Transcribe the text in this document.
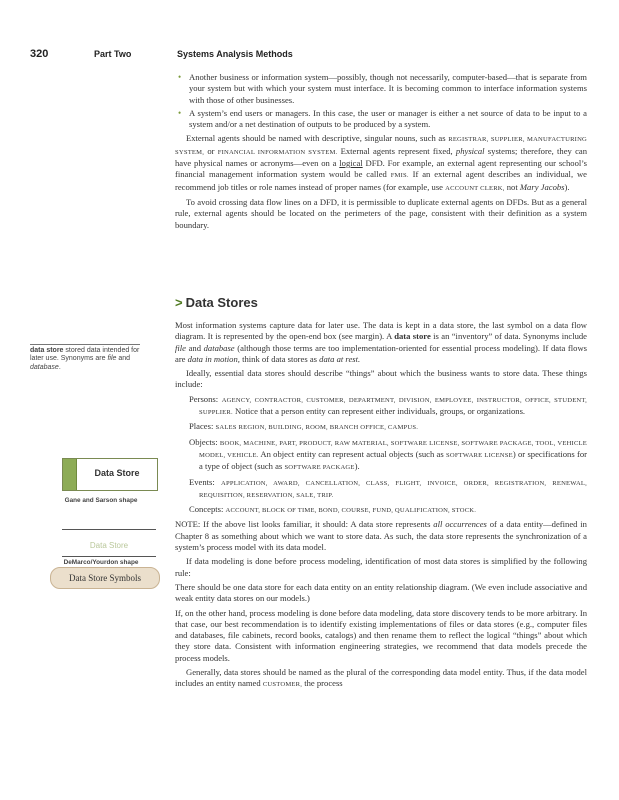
320	Part Two	Systems Analysis Methods
• Another business or information system—possibly, though not necessarily, computer-based—that is separate from your system but with which your system must interface. It is becoming common to interface information systems with those of other businesses.
• A system’s end users or managers. In this case, the user or manager is either a net source of data to be input to a system and/or a net destination of outputs to be produced by a system.

External agents should be named with descriptive, singular nouns, such as REGISTRAR, SUPPLIER, MANUFACTURING SYSTEM, or FINANCIAL INFORMATION SYSTEM. External agents represent fixed, physical systems; therefore, they can have physical names or acronyms—even on a logical DFD. For example, an external agent representing our school’s financial management information system would be called FMIS. If an external agent describes an individual, we recommend job titles or role names instead of proper names (for example, use ACCOUNT CLERK, not Mary Jacobs).

To avoid crossing data flow lines on a DFD, it is permissible to duplicate external agents on DFDs. But as a general rule, external agents should be located on the perimeters of the page, consistent with their definition as a system boundary.

> Data Stores

Most information systems capture data for later use. The data is kept in a data store, the last symbol on a data flow diagram. It is represented by the open-end box (see margin). A data store is an “inventory” of data. Synonyms include file and database (although those terms are too implementation-oriented for essential process modeling). If data flows are data in motion, think of data stores as data at rest.

Ideally, essential data stores should describe “things” about which the business wants to store data. These things include:

Persons: AGENCY, CONTRACTOR, CUSTOMER, DEPARTMENT, DIVISION, EMPLOYEE, INSTRUCTOR, OFFICE, STUDENT, SUPPLIER. Notice that a person entity can represent either individuals, groups, or organizations.
Places: SALES REGION, BUILDING, ROOM, BRANCH OFFICE, CAMPUS.
Objects: BOOK, MACHINE, PART, PRODUCT, RAW MATERIAL, SOFTWARE LICENSE, SOFTWARE PACKAGE, TOOL, VEHICLE MODEL, VEHICLE. An object entity can represent actual objects (such as SOFTWARE LICENSE) or specifications for a type of object (such as SOFTWARE PACKAGE).
Events: APPLICATION, AWARD, CANCELLATION, CLASS, FLIGHT, INVOICE, ORDER, REGISTRATION, RENEWAL, REQUISITION, RESERVATION, SALE, TRIP.
Concepts: ACCOUNT, BLOCK OF TIME, BOND, COURSE, FUND, QUALIFICATION, STOCK.

NOTE: If the above list looks familiar, it should: A data store represents all occurrences of a data entity—defined in Chapter 8 as something about which we want to store data. As such, the data store represents the synchronization of a system’s process model with its data model.

If data modeling is done before process modeling, identification of most data stores is simplified by the following rule:

There should be one data store for each data entity on an entity relationship diagram. (We even include associative and weak entity data stores on our models.)

If, on the other hand, process modeling is done before data modeling, data store discovery tends to be more arbitrary. In that case, our best recommendation is to identify existing implementations of files or data stores (e.g., computer files and databases, file cabinets, record books, catalogs) and then rename them to reflect the logical “things” about which they store data. Consistent with information engineering strategies, we recommend that data models precede the process models.

Generally, data stores should be named as the plural of the corresponding data model entity. Thus, if the data model includes an entity named CUSTOMER, the process

data store stored data intended for later use. Synonyms are file and database.
Data Store
Gane and Sarson shape
Data Store
DeMarco/Yourdon shape
Data Store Symbols
